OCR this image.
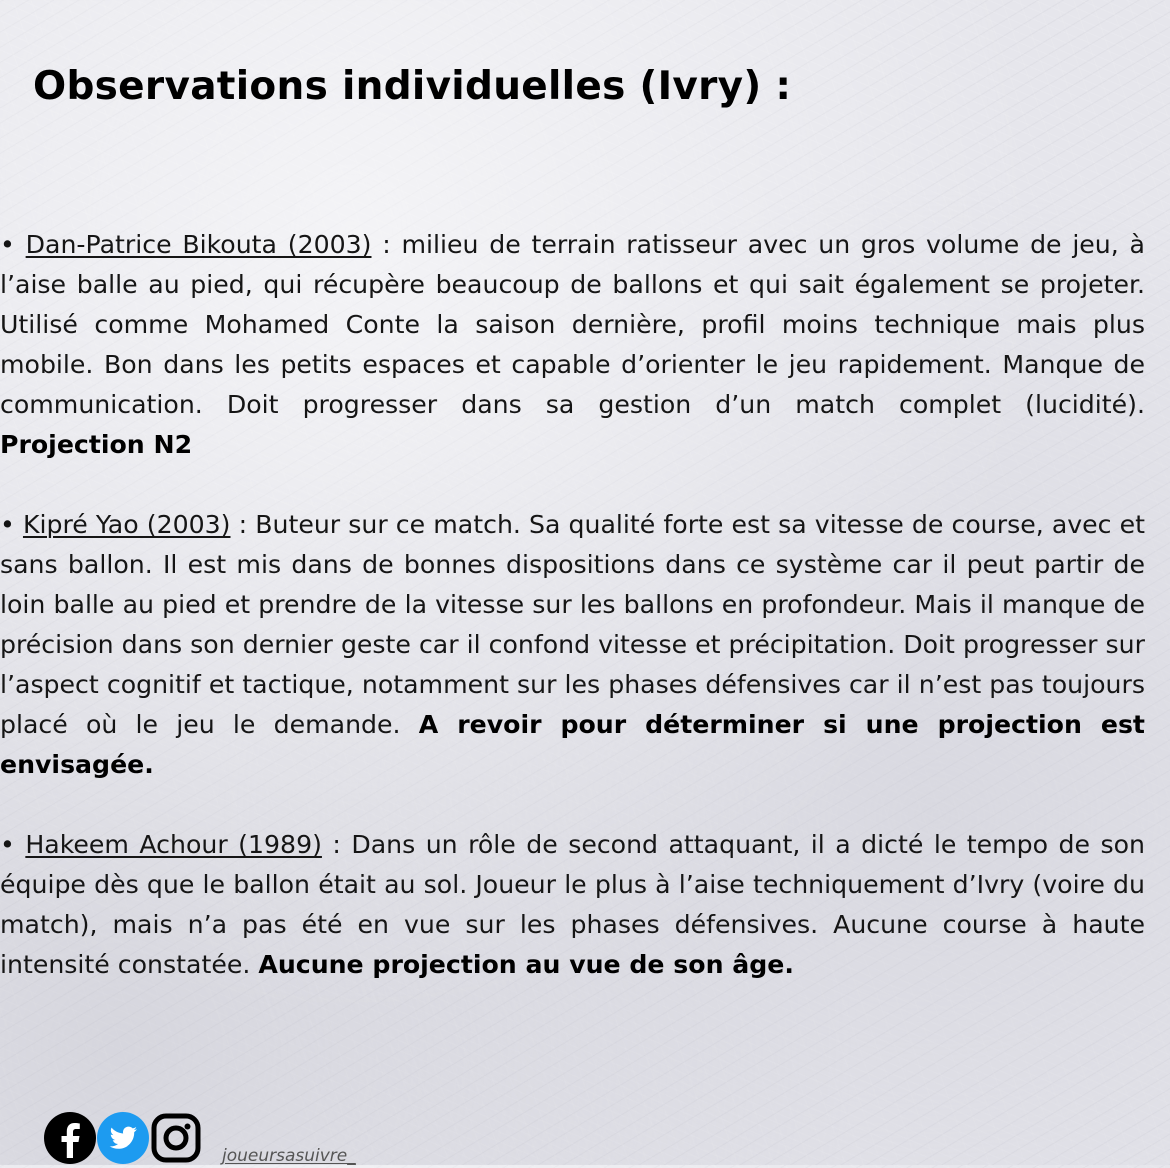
Observations individuelles (Ivry) :

• Dan-Patrice Bikouta (2003) : milieu de terrain ratisseur avec un gros volume de jeu, à l’aise balle au pied, qui récupère beaucoup de ballons et qui sait également se projeter. Utilisé comme Mohamed Conte la saison dernière, profil moins technique mais plus mobile. Bon dans les petits espaces et capable d’orienter le jeu rapidement. Manque de communication. Doit progresser dans sa gestion d’un match complet (lucidité). Projection N2

• Kipré Yao (2003) : Buteur sur ce match. Sa qualité forte est sa vitesse de course, avec et sans ballon. Il est mis dans de bonnes dispositions dans ce système car il peut partir de loin balle au pied et prendre de la vitesse sur les ballons en profondeur. Mais il manque de précision dans son dernier geste car il confond vitesse et précipitation. Doit progresser sur l’aspect cognitif et tactique, notamment sur les phases défensives car il n’est pas toujours placé où le jeu le demande. A revoir pour déterminer si une projection est envisagée.

• Hakeem Achour (1989) : Dans un rôle de second attaquant, il a dicté le tempo de son équipe dès que le ballon était au sol. Joueur le plus à l’aise techniquement d’Ivry (voire du match), mais n’a pas été en vue sur les phases défensives. Aucune course à haute intensité constatée. Aucune projection au vue de son âge.

joueursasuivre_
